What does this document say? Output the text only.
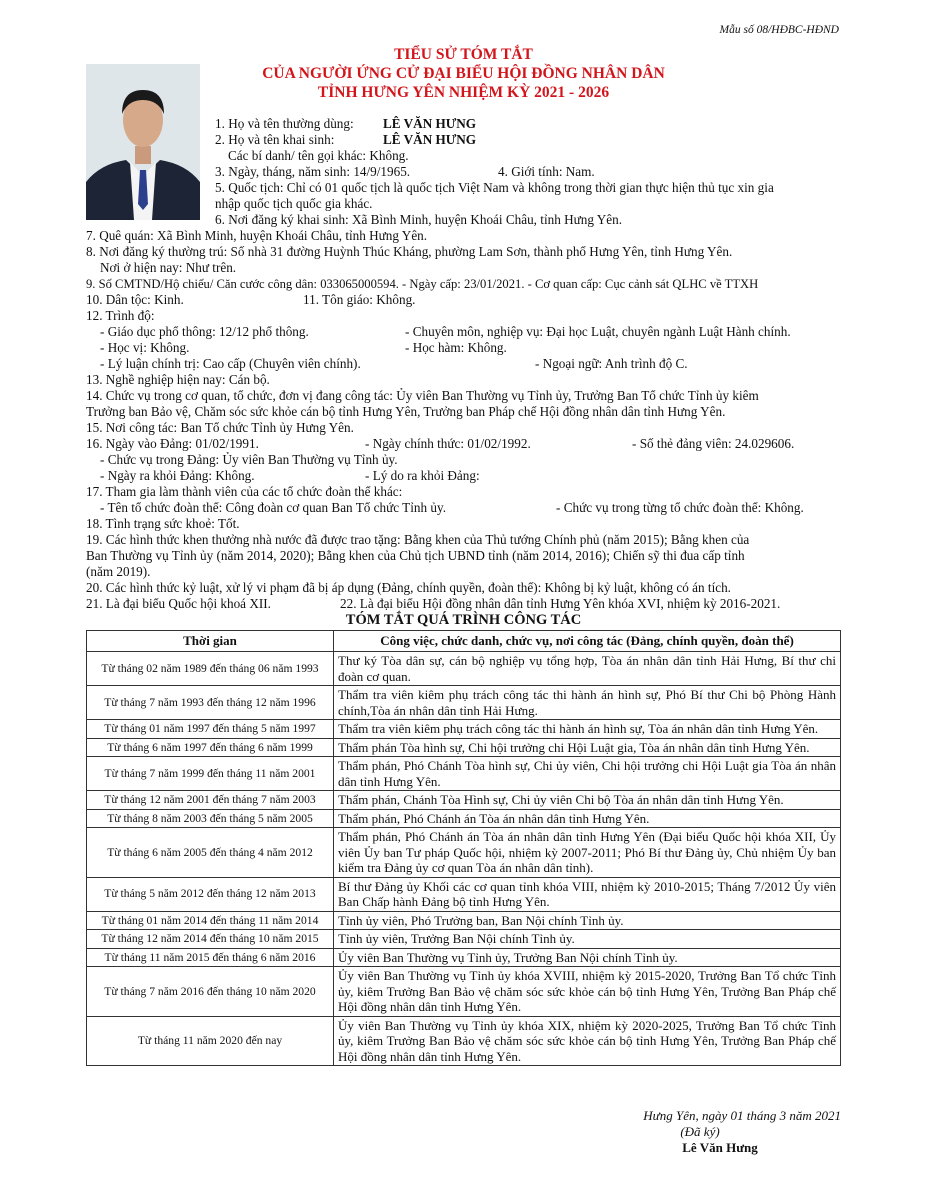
Mẫu số 08/HĐBC-HĐND
TIỂU SỬ TÓM TẮT
CỦA NGƯỜI ỨNG CỬ ĐẠI BIỂU HỘI ĐỒNG NHÂN DÂN
TỈNH HƯNG YÊN NHIỆM KỲ 2021 - 2026
1. Họ và tên thường dùng: LÊ VĂN HƯNG
2. Họ và tên khai sinh:	LÊ VĂN HƯNG
Các bí danh/ tên gọi khác: Không.
3. Ngày, tháng, năm sinh: 14/9/1965.	4. Giới tính: Nam.
5. Quốc tịch: Chỉ có 01 quốc tịch là quốc tịch Việt Nam và không trong thời gian thực hiện thủ tục xin gia
nhập quốc tịch quốc gia khác.
6. Nơi đăng ký khai sinh: Xã Bình Minh, huyện Khoái Châu, tỉnh Hưng Yên.
7. Quê quán: Xã Bình Minh, huyện Khoái Châu, tỉnh Hưng Yên.
8. Nơi đăng ký thường trú: Số nhà 31 đường Huỳnh Thúc Kháng, phường Lam Sơn, thành phố Hưng Yên, tỉnh Hưng Yên.
Nơi ở hiện nay: Như trên.
9. Số CMTND/Hộ chiếu/ Căn cước công dân: 033065000594. - Ngày cấp: 23/01/2021. - Cơ quan cấp: Cục cảnh sát QLHC về TTXH
10. Dân tộc: Kinh.	11. Tôn giáo: Không.
12. Trình độ:
- Giáo dục phổ thông: 12/12 phổ thông.	- Chuyên môn, nghiệp vụ: Đại học Luật, chuyên ngành Luật Hành chính.
- Học vị: Không.	- Học hàm: Không.
- Lý luận chính trị: Cao cấp (Chuyên viên chính).	- Ngoại ngữ: Anh trình độ C.
13. Nghề nghiệp hiện nay: Cán bộ.
14. Chức vụ trong cơ quan, tổ chức, đơn vị đang công tác: Ủy viên Ban Thường vụ Tỉnh ủy, Trưởng Ban Tổ chức Tỉnh ủy kiêm
Trưởng ban Bảo vệ, Chăm sóc sức khỏe cán bộ tỉnh Hưng Yên, Trưởng ban Pháp chế Hội đồng nhân dân tỉnh Hưng Yên.
15. Nơi công tác: Ban Tổ chức Tỉnh ủy Hưng Yên.
16. Ngày vào Đảng: 01/02/1991.	- Ngày chính thức: 01/02/1992.	- Số thẻ đảng viên: 24.029606.
- Chức vụ trong Đảng: Ủy viên Ban Thường vụ Tỉnh ủy.
- Ngày ra khỏi Đảng: Không.	- Lý do ra khỏi Đảng:
17. Tham gia làm thành viên của các tổ chức đoàn thể khác:
- Tên tổ chức đoàn thể: Công đoàn cơ quan Ban Tổ chức Tỉnh ủy.	- Chức vụ trong từng tổ chức đoàn thể: Không.
18. Tình trạng sức khoẻ: Tốt.
19. Các hình thức khen thưởng nhà nước đã được trao tặng: Bằng khen của Thủ tướng Chính phủ (năm 2015); Bằng khen của
Ban Thường vụ Tỉnh ủy (năm 2014, 2020); Bằng khen của Chủ tịch UBND tỉnh (năm 2014, 2016); Chiến sỹ thi đua cấp tỉnh
(năm 2019).
20. Các hình thức kỷ luật, xử lý vi phạm đã bị áp dụng (Đảng, chính quyền, đoàn thể): Không bị kỷ luật, không có án tích.
21. Là đại biểu Quốc hội khoá XII.	22. Là đại biểu Hội đồng nhân dân tỉnh Hưng Yên khóa XVI, nhiệm kỳ 2016-2021.
TÓM TẮT QUÁ TRÌNH CÔNG TÁC
Thời gian	Công việc, chức danh, chức vụ, nơi công tác (Đảng, chính quyền, đoàn thể)
Từ tháng 02 năm 1989 đến tháng 06 năm 1993	Thư ký Tòa dân sự, cán bộ nghiệp vụ tổng hợp, Tòa án nhân dân tỉnh Hải Hưng, Bí thư chi đoàn cơ quan.
Từ tháng 7 năm 1993 đến tháng 12 năm 1996	Thẩm tra viên kiêm phụ trách công tác thi hành án hình sự, Phó Bí thư Chi bộ Phòng Hành chính,Tòa án nhân dân tỉnh Hải Hưng.
Từ tháng 01 năm 1997 đến tháng 5 năm 1997	Thẩm tra viên kiêm phụ trách công tác thi hành án hình sự, Tòa án nhân dân tỉnh Hưng Yên.
Từ tháng 6 năm 1997 đến tháng 6 năm 1999	Thẩm phán Tòa hình sự, Chi hội trưởng chi Hội Luật gia, Tòa án nhân dân tỉnh Hưng Yên.
Từ tháng 7 năm 1999 đến tháng 11 năm 2001	Thẩm phán, Phó Chánh Tòa hình sự, Chi ủy viên, Chi hội trưởng chi Hội Luật gia Tòa án nhân dân tỉnh Hưng Yên.
Từ tháng 12 năm 2001 đến tháng 7 năm 2003	Thẩm phán, Chánh Tòa Hình sự, Chi ủy viên Chi bộ Tòa án nhân dân tỉnh Hưng Yên.
Từ tháng 8 năm 2003 đến tháng 5 năm 2005	Thẩm phán, Phó Chánh án Tòa án nhân dân tỉnh Hưng Yên.
Từ tháng 6 năm 2005 đến tháng 4 năm 2012	Thẩm phán, Phó Chánh án Tòa án nhân dân tỉnh Hưng Yên (Đại biểu Quốc hội khóa XII, Ủy viên Ủy ban Tư pháp Quốc hội, nhiệm kỳ 2007-2011; Phó Bí thư Đảng ủy, Chủ nhiệm Ủy ban kiểm tra Đảng ủy cơ quan Tòa án nhân dân tỉnh).
Từ tháng 5 năm 2012 đến tháng 12 năm 2013	Bí thư Đảng ủy Khối các cơ quan tỉnh khóa VIII, nhiệm kỳ 2010-2015; Tháng 7/2012 Ủy viên Ban Chấp hành Đảng bộ tỉnh Hưng Yên.
Từ tháng 01 năm 2014 đến tháng 11 năm 2014	Tỉnh ủy viên, Phó Trưởng ban, Ban Nội chính Tỉnh ủy.
Từ tháng 12 năm 2014 đến tháng 10 năm 2015	Tỉnh ủy viên, Trưởng Ban Nội chính Tỉnh ủy.
Từ tháng 11 năm 2015 đến tháng 6 năm 2016	Ủy viên Ban Thường vụ Tỉnh ủy, Trưởng Ban Nội chính Tỉnh ủy.
Từ tháng 7 năm 2016 đến tháng 10 năm 2020	Ủy viên Ban Thường vụ Tỉnh ủy khóa XVIII, nhiệm kỳ 2015-2020, Trưởng Ban Tổ chức Tỉnh ủy, kiêm Trưởng Ban Bảo vệ chăm sóc sức khỏe cán bộ tỉnh Hưng Yên, Trưởng Ban Pháp chế Hội đồng nhân dân tỉnh Hưng Yên.
Từ tháng 11 năm 2020 đến nay	Ủy viên Ban Thường vụ Tỉnh ủy khóa XIX, nhiệm kỳ 2020-2025, Trưởng Ban Tổ chức Tỉnh ủy, kiêm Trưởng Ban Bảo vệ chăm sóc sức khỏe cán bộ tỉnh Hưng Yên, Trưởng Ban Pháp chế Hội đồng nhân dân tỉnh Hưng Yên.
Hưng Yên, ngày 01 tháng 3 năm 2021
(Đã ký)
Lê Văn Hưng
